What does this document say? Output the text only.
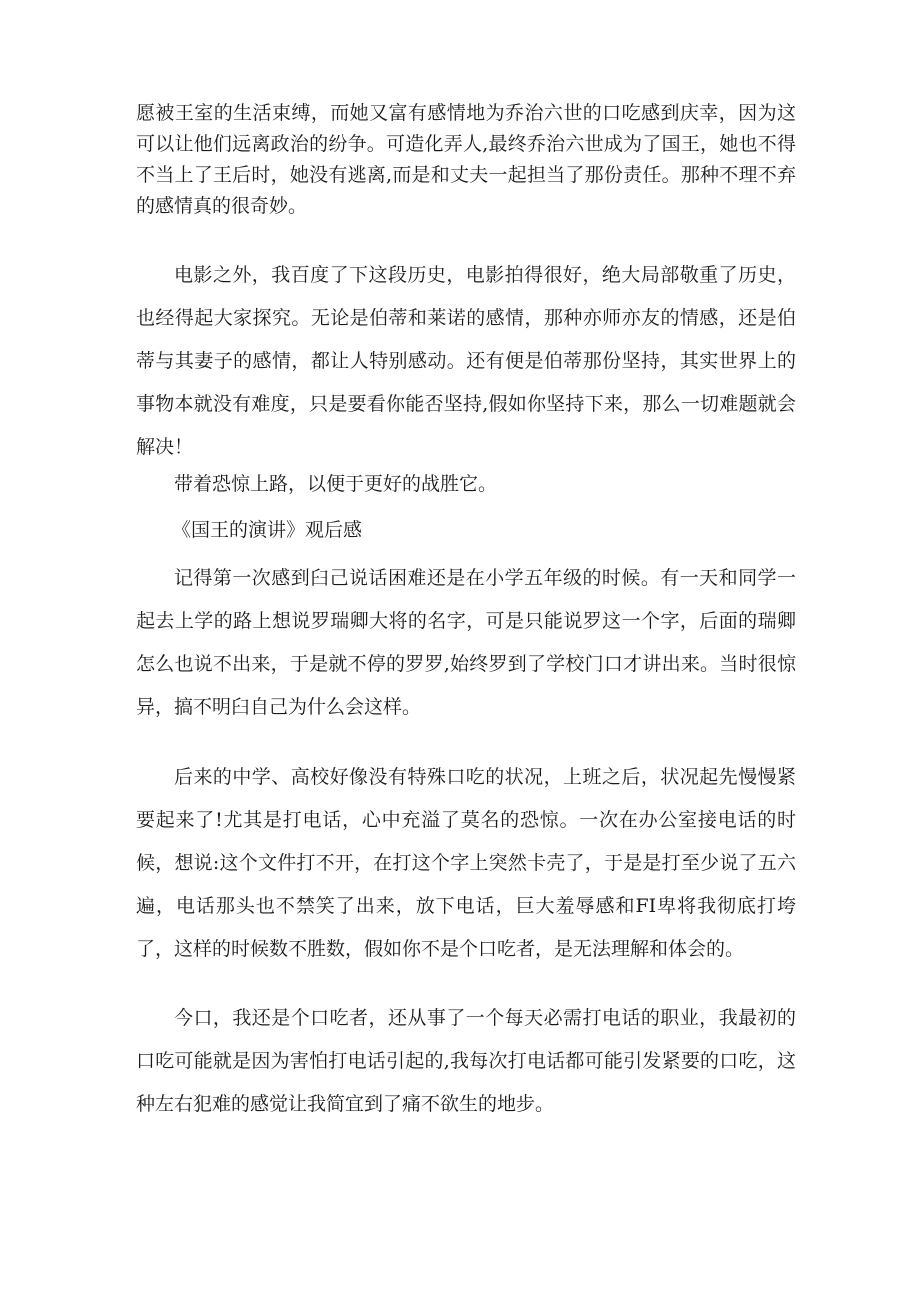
愿被王室的生活束缚，而她又富有感情地为乔治六世的口吃感到庆幸，因为这可以让他们远离政治的纷争。可造化弄人,最终乔治六世成为了国王，她也不得不当上了王后时，她没有逃离,而是和丈夫一起担当了那份责任。那种不理不弃的感情真的很奇妙。

电影之外，我百度了下这段历史，电影拍得很好，绝大局部敬重了历史，也经得起大家探究。无论是伯蒂和莱诺的感情，那种亦师亦友的情感，还是伯蒂与其妻子的感情，都让人特别感动。还有便是伯蒂那份坚持，其实世界上的事物本就没有难度，只是要看你能否坚持,假如你坚持下来，那么一切难题就会解决！

带着恐惊上路，以便于更好的战胜它。

《国王的演讲》观后感

记得第一次感到臼己说话困难还是在小学五年级的时候。有一天和同学一起去上学的路上想说罗瑞卿大将的名字，可是只能说罗这一个字，后面的瑞卿怎么也说不出来，于是就不停的罗罗,始终罗到了学校门口才讲出来。当时很惊异，搞不明臼自己为什么会这样。

后来的中学、高校好像没有特殊口吃的状况，上班之后，状况起先慢慢紧要起来了!尤其是打电话，心中充溢了莫名的恐惊。一次在办公室接电话的时候，想说:这个文件打不开，在打这个字上突然卡壳了，于是是打至少说了五六遍，电话那头也不禁笑了出来，放下电话，巨大羞辱感和FI卑将我彻底打垮了，这样的时候数不胜数，假如你不是个口吃者，是无法理解和体会的。

今口，我还是个口吃者，还从事了一个每天必需打电话的职业，我最初的口吃可能就是因为害怕打电话引起的,我每次打电话都可能引发紧要的口吃，这种左右犯难的感觉让我简宜到了痛不欲生的地步。
